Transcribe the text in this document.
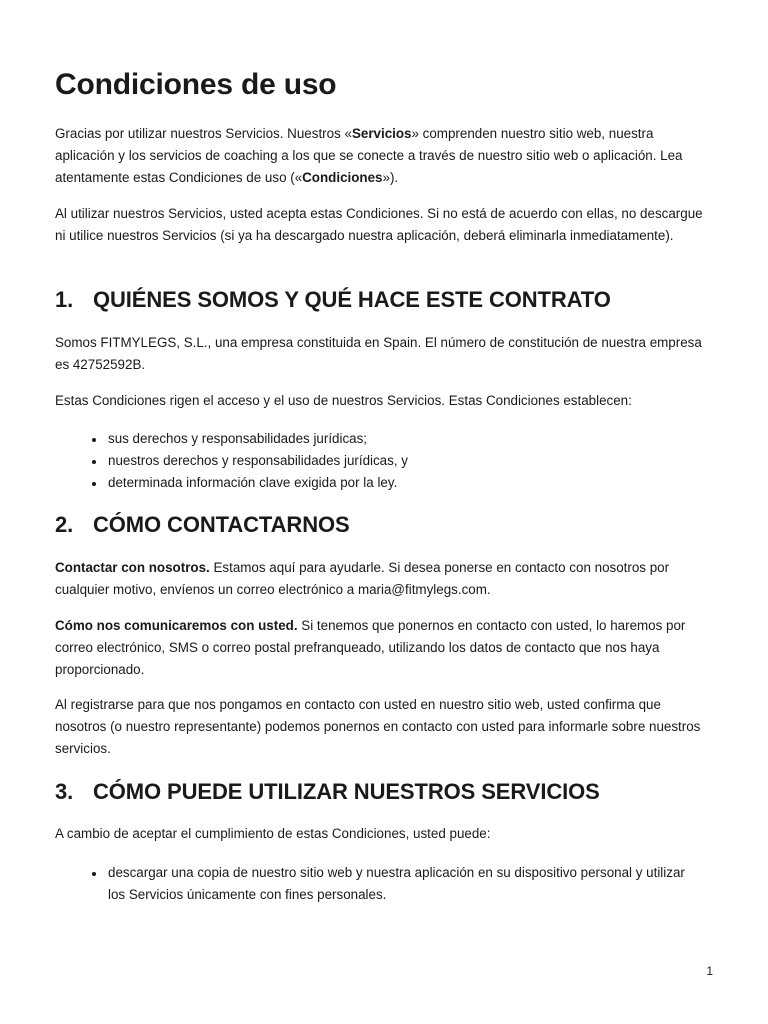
Condiciones de uso

Gracias por utilizar nuestros Servicios. Nuestros «Servicios» comprenden nuestro sitio web, nuestra aplicación y los servicios de coaching a los que se conecte a través de nuestro sitio web o aplicación. Lea atentamente estas Condiciones de uso («Condiciones»).

Al utilizar nuestros Servicios, usted acepta estas Condiciones. Si no está de acuerdo con ellas, no descargue ni utilice nuestros Servicios (si ya ha descargado nuestra aplicación, deberá eliminarla inmediatamente).

1. QUIÉNES SOMOS Y QUÉ HACE ESTE CONTRATO

Somos FITMYLEGS, S.L., una empresa constituida en Spain. El número de constitución de nuestra empresa es 42752592B.

Estas Condiciones rigen el acceso y el uso de nuestros Servicios. Estas Condiciones establecen:

sus derechos y responsabilidades jurídicas;
nuestros derechos y responsabilidades jurídicas, y
determinada información clave exigida por la ley.
2. CÓMO CONTACTARNOS

Contactar con nosotros. Estamos aquí para ayudarle. Si desea ponerse en contacto con nosotros por cualquier motivo, envíenos un correo electrónico a maria@fitmylegs.com.

Cómo nos comunicaremos con usted. Si tenemos que ponernos en contacto con usted, lo haremos por correo electrónico, SMS o correo postal prefranqueado, utilizando los datos de contacto que nos haya proporcionado.

Al registrarse para que nos pongamos en contacto con usted en nuestro sitio web, usted confirma que nosotros (o nuestro representante) podemos ponernos en contacto con usted para informarle sobre nuestros servicios.

3. CÓMO PUEDE UTILIZAR NUESTROS SERVICIOS

A cambio de aceptar el cumplimiento de estas Condiciones, usted puede:

descargar una copia de nuestro sitio web y nuestra aplicación en su dispositivo personal y utilizar los Servicios únicamente con fines personales.
1
